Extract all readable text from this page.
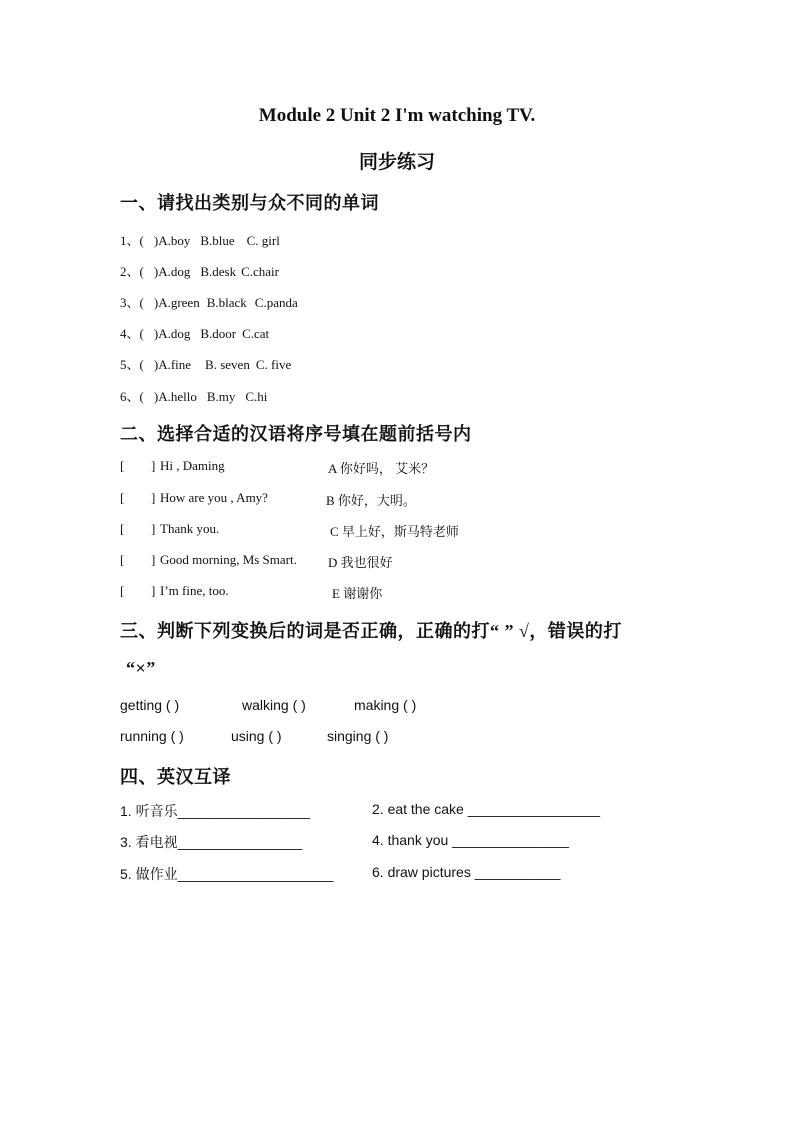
Module 2 Unit 2 I'm watching TV.
同步练习
一、请找出类别与众不同的单词
1、( )A.boy B.blue C. girl
2、( )A.dog B.desk C.chair
3、( )A.green B.black C.panda
4、( )A.dog B.door C.cat
5、( )A.fine B. seven C. five
6、( )A.hello B.my C.hi
二、选择合适的汉语将序号填在题前括号内
[ ] Hi , Daming	A 你好吗， 艾米？
[ ] How are you , Amy?	B 你好，大明。
[ ] Thank you.	C 早上好，斯马特老师
[ ] Good morning, Ms Smart. D 我也很好
[ ] I’m fine, too.	E 谢谢你
三、判断下列变换后的词是否正确，正确的打“ ” √，错误的打
“×”
getting ( )	walking ( )	making ( )
running ( )	using ( )	singing ( )
四、英汉互译
1. 听音乐_________________	2. eat the cake _________________
3. 看电视________________	4. thank you _______________
5. 做作业____________________	6. draw pictures ___________
